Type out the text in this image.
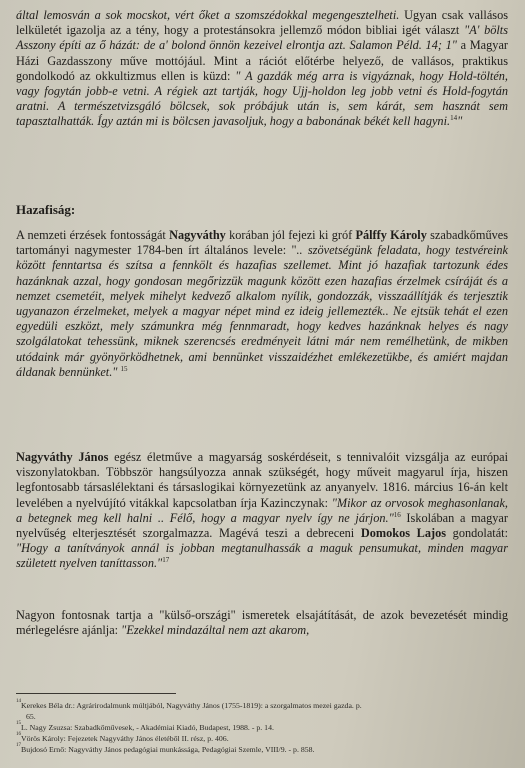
által lemosván a sok mocskot, vért őket a szomszédokkal megengesztelheti. Ugyan csak vallásos lelkületét igazolja az a tény, hogy a protestánsokra jellemző módon bibliai igét választ "A' bölts Asszony építi az ő házát: de a' bolond önnön kezeivel elrontja azt. Salamon Péld. 14; 1" a Magyar Házi Gazdasszony műve mottójául. Mint a rációt előtérbe helyező, de vallásos, praktikus gondolkodó az okkultizmus ellen is küzd: " A gazdák még arra is vigyáznak, hogy Hold-töltén, vagy fogytán jobb-e vetni. A régiek azt tartják, hogy Ujj-holdon leg jobb vetni és Hold-fogytán aratni. A természetvizsgáló bölcsek, sok próbájuk után is, sem kárát, sem hasznát sem tapasztalhatták. Így aztán mi is bölcsen javasoljuk, hogy a babonának békét kell hagyni.$^{14}$"

Hazafiság:

A nemzeti érzések fontosságát Nagyváthy korában jól fejezi ki gróf Pálffy Károly szabadkőműves tartományi nagymester 1784-ben írt általános levele: ".. szövetségünk feladata, hogy testvéreink között fenntartsa és szítsa a fennkölt és hazafias szellemet. Mint jó hazafiak tartozunk édes hazánknak azzal, hogy gondosan megőrizzük magunk között ezen hazafias érzelmek csíráját és a nemzet csemetéit, melyek mihelyt kedvező alkalom nyílik, gondozzák, visszaállítják és terjesztik ugyanazon érzelmeket, melyek a magyar népet mind ez ideig jellemezték.. Ne ejtsük tehát el ezen egyedüli eszközt, mely számunkra még fennmaradt, hogy kedves hazánknak helyes és nagy szolgálatokat tehessünk, miknek szerencsés eredményeit látni már nem remélhetünk, de mikben utódaink már gyönyörködhetnek, ami bennünket visszaidézhet emlékezetükbe, és amiért majdan áldanak bennünket." $^{15}$

Nagyváthy János egész életműve a magyarság soskérdéseit, s tennivalóit vizsgálja az európai viszonylatokban. Többször hangsúlyozza annak szükségét, hogy műveit magyarul írja, hiszen legfontosabb társaslélektani és társaslogikai környezetünk az anyanyelv. 1816. március 16-án kelt levelében a nyelvújító vitákkal kapcsolatban írja Kazinczynak: "Mikor az orvosok meghasonlanak, a betegnek meg kell halni .. Félő, hogy a magyar nyelv így ne járjon."$^{16}$ Iskolában a magyar nyelvűség elterjesztését szorgalmazza. Magévá teszi a debreceni Domokos Lajos gondolatát: "Hogy a tanítványok annál is jobban megtanulhassák a maguk pensumukat, minden magyar született nyelven taníttasson."$^{17}$

Nagyon fontosnak tartja a "külső-országi" ismeretek elsajátítását, de azok bevezetését mindig mérlegelésre ajánlja: "Ezekkel mindazáltal nem azt akarom,

$^{14}$Kerekes Béla dr.: Agrárirodalmunk múltjából, Nagyváthy János (1755-1819): a szorgalmatos mezei gazda. p.
65.
$^{15}$L. Nagy Zsuzsa: Szabadkőművesek, - Akadémiai Kiadó, Budapest, 1988. - p. 14.
$^{16}$Vörös Károly: Fejezetek Nagyváthy János életéből II. rész, p. 406.
$^{17}$Bujdosó Ernő: Nagyváthy János pedagógiai munkássága, Pedagógiai Szemle, VIII/9. - p. 858.
